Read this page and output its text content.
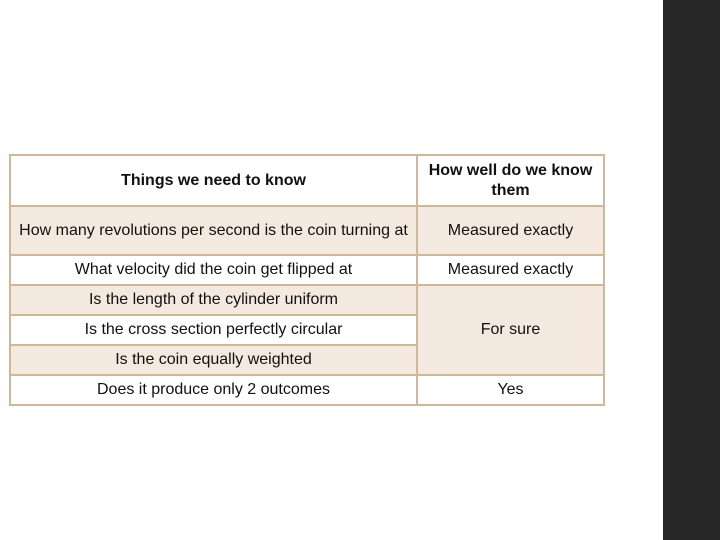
Things we need to know	How well do we know them
How many revolutions per second is the coin turning at	Measured exactly
What velocity did the coin get flipped at	Measured exactly
Is the length of the cylinder uniform	For sure
Is the cross section perfectly circular	
Is the coin equally weighted	
Does it produce only 2 outcomes	Yes
